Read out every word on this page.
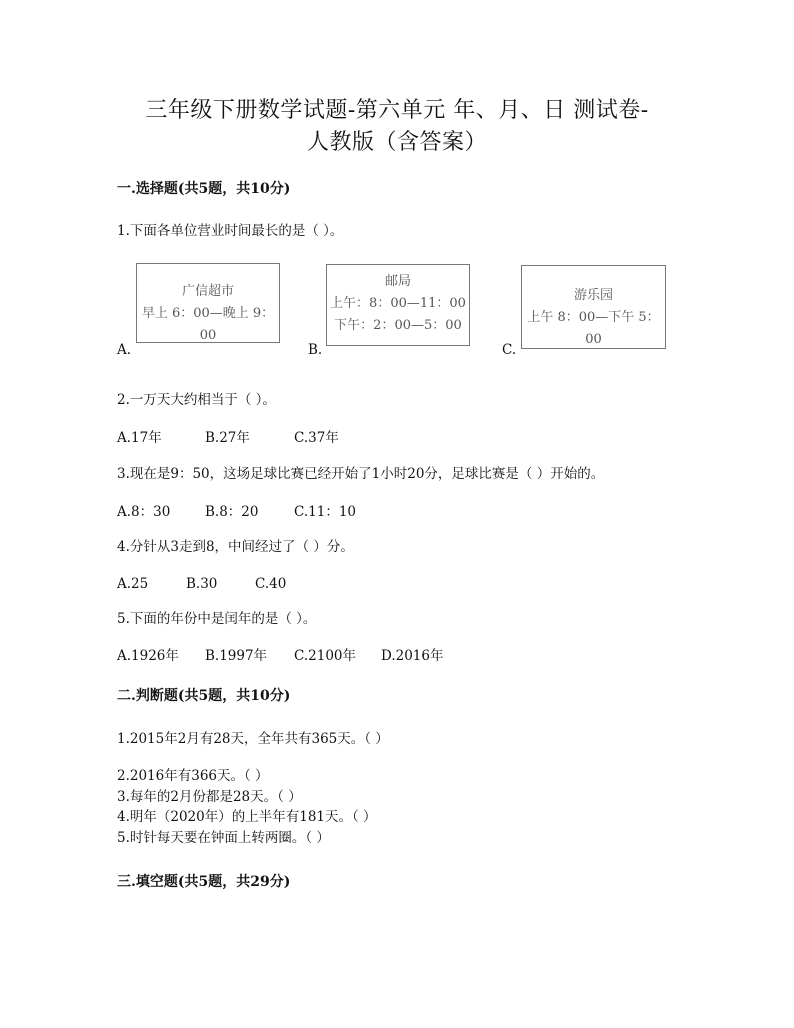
三年级下册数学试题-第六单元 年、月、日 测试卷-
人教版（含答案）
一.选择题(共5题，共10分)
1.下面各单位营业时间最长的是（ ）。
广信超市
早上 6：00—晚上 9：00
A.
邮局
上午：8：00—11：00
下午：2：00—5：00
B.
游乐园
上午 8：00—下午 5：00
C.
2.一万天大约相当于（ ）。
A.17年	B.27年	C.37年
3.现在是9：50，这场足球比赛已经开始了1小时20分，足球比赛是（ ）开始的。
A.8：30	B.8：20	C.11：10
4.分针从3走到8，中间经过了（ ）分。
A.25	B.30	C.40
5.下面的年份中是闰年的是（ ）。
A.1926年 B.1997年 C.2100年 D.2016年
二.判断题(共5题，共10分)
1.2015年2月有28天，全年共有365天。（ ）
2.2016年有366天。（ ）
3.每年的2月份都是28天。（ ）
4.明年（2020年）的上半年有181天。（ ）
5.时针每天要在钟面上转两圈。（ ）
三.填空题(共5题，共29分)
